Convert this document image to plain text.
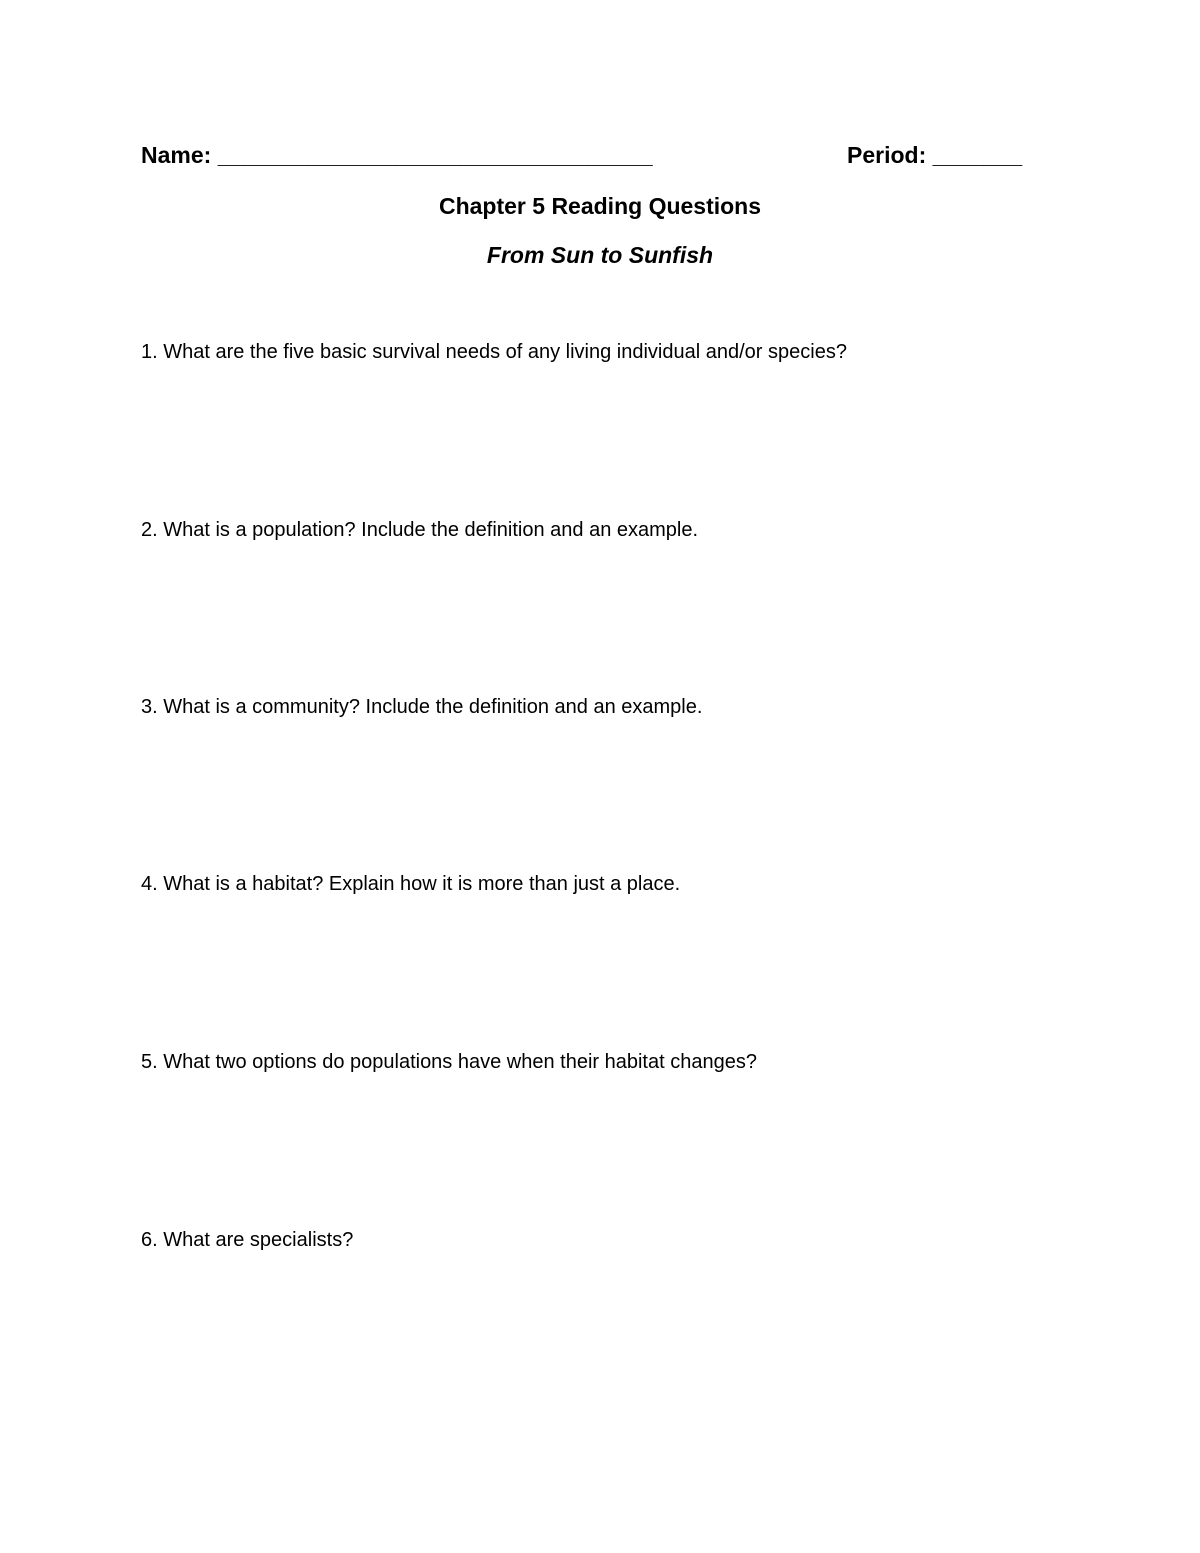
Name: __________________________________	Period: _______
Chapter 5 Reading Questions
From Sun to Sunfish
1. What are the five basic survival needs of any living individual and/or species?
2. What is a population? Include the definition and an example.
3. What is a community? Include the definition and an example.
4. What is a habitat? Explain how it is more than just a place.
5. What two options do populations have when their habitat changes?
6. What are specialists?
